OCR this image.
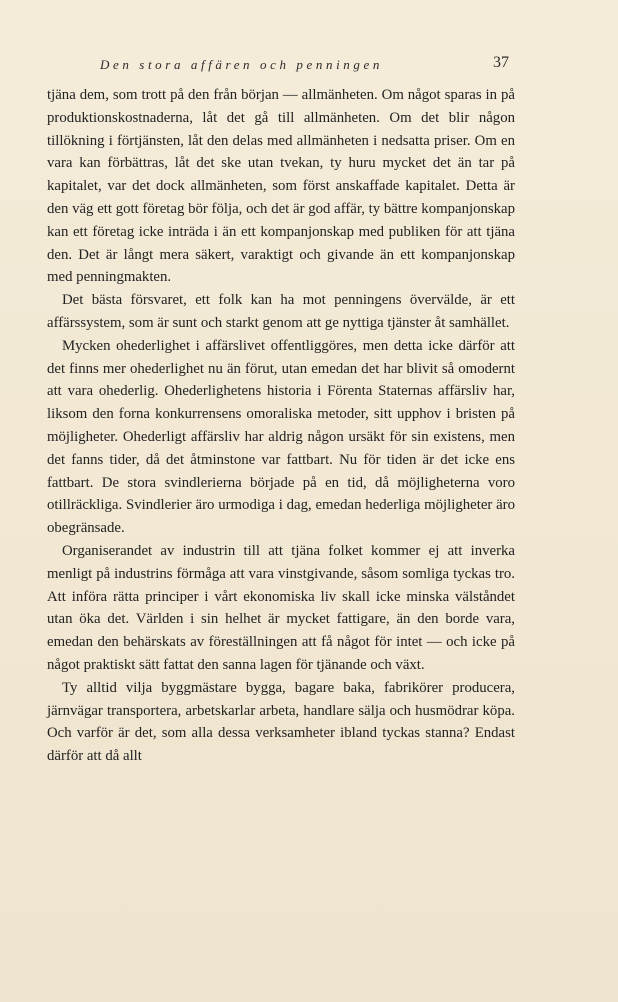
Den stora affären och penningen	37

tjäna dem, som trott på den från början — allmänheten. Om något sparas in på produktionskostnaderna, låt det gå till allmänheten. Om det blir någon tillökning i förtjänsten, låt den delas med allmänheten i nedsatta priser. Om en vara kan förbättras, låt det ske utan tvekan, ty huru mycket det än tar på kapitalet, var det dock allmänheten, som först anskaffade kapitalet. Detta är den väg ett gott företag bör följa, och det är god affär, ty bättre kompanjonskap kan ett företag icke inträda i än ett kompanjonskap med publiken för att tjäna den. Det är långt mera säkert, varaktigt och givande än ett kompanjonskap med penningmakten.

Det bästa försvaret, ett folk kan ha mot penningens övervälde, är ett affärssystem, som är sunt och starkt genom att ge nyttiga tjänster åt samhället.

Mycken ohederlighet i affärslivet offentliggöres, men detta icke därför att det finns mer ohederlighet nu än förut, utan emedan det har blivit så omodernt att vara ohederlig. Ohederlighetens historia i Förenta Staternas affärsliv har, liksom den forna konkurrensens omoraliska metoder, sitt upphov i bristen på möjligheter. Ohederligt affärsliv har aldrig någon ursäkt för sin existens, men det fanns tider, då det åtminstone var fattbart. Nu för tiden är det icke ens fattbart. De stora svindlerierna började på en tid, då möjligheterna voro otillräckliga. Svindlerier äro urmodiga i dag, emedan hederliga möjligheter äro obegränsade.

Organiserandet av industrin till att tjäna folket kommer ej att inverka menligt på industrins förmåga att vara vinstgivande, såsom somliga tyckas tro. Att införa rätta principer i vårt ekonomiska liv skall icke minska välståndet utan öka det. Världen i sin helhet är mycket fattigare, än den borde vara, emedan den behärskats av föreställningen att få något för intet — och icke på något praktiskt sätt fattat den sanna lagen för tjänande och växt.

Ty alltid vilja byggmästare bygga, bagare baka, fabrikörer producera, järnvägar transportera, arbetskarlar arbeta, handlare sälja och husmödrar köpa. Och varför är det, som alla dessa verksamheter ibland tyckas stanna? Endast därför att då allt
